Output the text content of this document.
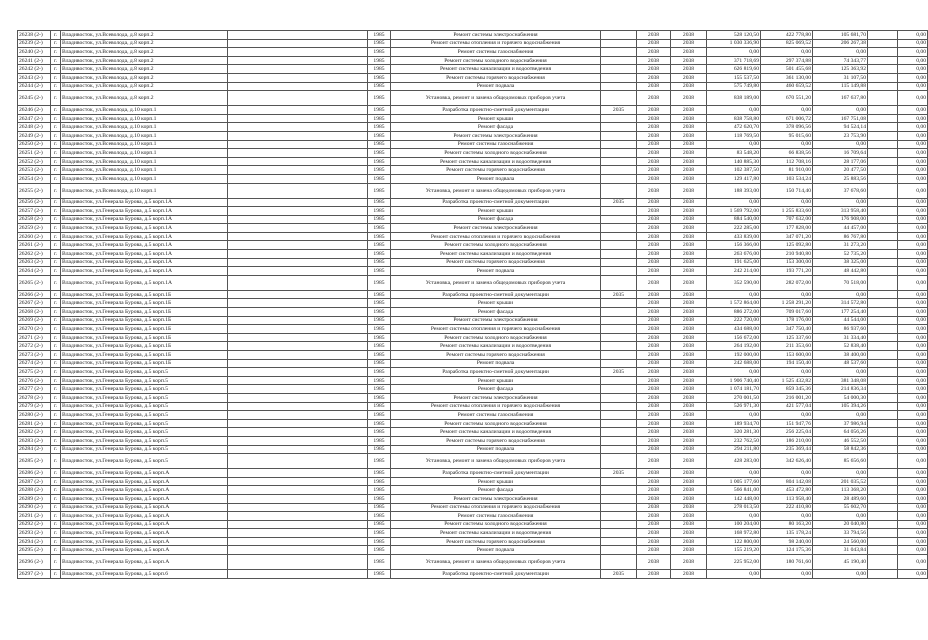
26238 (2-)	г.	Владивосток, ул.Всеволода, д.8 корп.2		1985	Ремонт системы электроснабжения		2038	2038	528 120,50	422 778,80	105 681,70		0,00
26239 (2-)	г.	Владивосток, ул.Всеволода, д.8 корп.2		1985	Ремонт системы отопления и горячего водоснабжения		2038	2038	1 030 336,90	825 069,52	206 267,38		0,00
26240 (2-)	г.	Владивосток, ул.Всеволода, д.8 корп.2		1985	Ремонт системы газоснабжения		2038	2038	0,00	0,00	0,00		0,00
26241 (2-)	г.	Владивосток, ул.Всеволода, д.8 корп.2		1985	Ремонт системы холодного водоснабжения		2038	2038	371 718,69	297 374,88	74 343,77		0,00
26242 (2-)	г.	Владивосток, ул.Всеволода, д.8 корп.2		1985	Ремонт системы канализации и водоотведения		2038	2038	626 819,60	501 455,68	125 363,92		0,00
26243 (2-)	г.	Владивосток, ул.Всеволода, д.8 корп.2		1985	Ремонт системы горячего водоснабжения		2038	2038	155 537,50	361 130,00	31 107,50		0,00
26244 (2-)	г.	Владивосток, ул.Всеволода, д.8 корп.2		1985	Ремонт подвала		2038	2038	575 749,80	460 659,52	115 149,88		0,00
26245 (2-)	г.	Владивосток, ул.Всеволода, д.8 корп.2		1985	Установка, ремонт и замена общедомовых приборов учета		2038	2038	838 189,00	670 551,20	167 637,80		0,00
26246 (2-)	г.	Владивосток, ул.Всеволода, д.10 корп.1		1985	Разработка проектно-сметной документации	2035	2038	2038	0,00	0,00	0,00		0,00
26247 (2-)	г.	Владивосток, ул.Всеволода, д.10 корп.1		1985	Ремонт крыши		2038	2038	838 758,80	671 006,72	167 751,08		0,00
26248 (2-)	г.	Владивосток, ул.Всеволода, д.10 корп.1		1985	Ремонт фасада		2038	2038	472 620,70	378 096,56	94 524,14		0,00
26249 (2-)	г.	Владивосток, ул.Всеволода, д.10 корп.1		1985	Ремонт системы электроснабжения		2038	2038	118 769,50	95 015,60	23 753,90		0,00
26250 (2-)	г.	Владивосток, ул.Всеволода, д.10 корп.1		1985	Ремонт системы газоснабжения		2038	2038	0,00	0,00	0,00		0,00
26251 (2-)	г.	Владивосток, ул.Всеволода, д.10 корп.1		1985	Ремонт системы холодного водоснабжения		2038	2038	83 548,20	66 838,56	16 709,64		0,00
26252 (2-)	г.	Владивосток, ул.Всеволода, д.10 корп.1		1985	Ремонт системы канализации и водоотведения		2038	2038	140 885,30	112 708,16	28 177,06		0,00
26253 (2-)	г.	Владивосток, ул.Всеволода, д.10 корп.1		1985	Ремонт системы горячего водоснабжения		2038	2038	102 387,50	81 910,00	20 477,50		0,00
26254 (2-)	г.	Владивосток, ул.Всеволода, д.10 корп.1		1985	Ремонт подвала		2038	2038	129 417,80	103 534,24	25 883,56		0,00
26255 (2-)	г.	Владивосток, ул.Всеволода, д.10 корп.1		1985	Установка, ремонт и замена общедомовых приборов учета		2038	2038	188 393,00	150 714,40	37 678,60		0,00
26256 (2-)	г.	Владивосток, ул.Генерала Бурова, д.5 корп.1А		1985	Разработка проектно-сметной документации	2035	2038	2038	0,00	0,00	0,00		0,00
26257 (2-)	г.	Владивосток, ул.Генерала Бурова, д.5 корп.1А		1985	Ремонт крыши		2038	2038	1 569 792,00	1 255 833,60	313 958,40		0,00
26258 (2-)	г.	Владивосток, ул.Генерала Бурова, д.5 корп.1А		1985	Ремонт фасада		2038	2038	884 540,00	707 632,00	176 908,00		0,00
26259 (2-)	г.	Владивосток, ул.Генерала Бурова, д.5 корп.1А		1985	Ремонт системы электроснабжения		2038	2038	222 285,00	177 828,00	44 457,00		0,00
26260 (2-)	г.	Владивосток, ул.Генерала Бурова, д.5 корп.1А		1985	Ремонт системы отопления и горячего водоснабжения		2038	2038	433 839,00	347 071,20	86 767,80		0,00
26261 (2-)	г.	Владивосток, ул.Генерала Бурова, д.5 корп.1А		1985	Ремонт системы холодного водоснабжения		2038	2038	156 366,00	125 092,80	31 273,20		0,00
26262 (2-)	г.	Владивосток, ул.Генерала Бурова, д.5 корп.1А		1985	Ремонт системы канализации и водоотведения		2038	2038	263 676,00	210 940,80	52 735,20		0,00
26263 (2-)	г.	Владивосток, ул.Генерала Бурова, д.5 корп.1А		1985	Ремонт системы горячего водоснабжения		2038	2038	191 625,00	153 300,00	38 325,00		0,00
26264 (2-)	г.	Владивосток, ул.Генерала Бурова, д.5 корп.1А		1985	Ремонт подвала		2038	2038	242 214,00	193 771,20	48 442,80		0,00
26265 (2-)	г.	Владивосток, ул.Генерала Бурова, д.5 корп.1А		1985	Установка, ремонт и замена общедомовых приборов учета		2038	2038	352 590,00	282 072,00	70 518,00		0,00
26266 (2-)	г.	Владивосток, ул.Генерала Бурова, д.5 корп.1Б		1985	Разработка проектно-сметной документации	2035	2038	2038	0,00	0,00	0,00		0,00
26267 (2-)	г.	Владивосток, ул.Генерала Бурова, д.5 корп.1Б		1985	Ремонт крыши		2038	2038	1 572 864,00	1 258 291,20	314 572,80		0,00
26268 (2-)	г.	Владивосток, ул.Генерала Бурова, д.5 корп.1Б		1985	Ремонт фасада		2038	2038	886 272,00	709 017,60	177 254,40		0,00
26269 (2-)	г.	Владивосток, ул.Генерала Бурова, д.5 корп.1Б		1985	Ремонт системы электроснабжения		2038	2038	222 720,00	178 176,00	44 544,00		0,00
26270 (2-)	г.	Владивосток, ул.Генерала Бурова, д.5 корп.1Б		1985	Ремонт системы отопления и горячего водоснабжения		2038	2038	434 688,00	347 750,40	86 937,60		0,00
26271 (2-)	г.	Владивосток, ул.Генерала Бурова, д.5 корп.1Б		1985	Ремонт системы холодного водоснабжения		2038	2038	156 672,00	125 337,60	31 334,40		0,00
26272 (2-)	г.	Владивосток, ул.Генерала Бурова, д.5 корп.1Б		1985	Ремонт системы канализации и водоотведения		2038	2038	264 192,00	211 353,60	52 838,40		0,00
26273 (2-)	г.	Владивосток, ул.Генерала Бурова, д.5 корп.1Б		1985	Ремонт системы горячего водоснабжения		2038	2038	192 000,00	153 600,00	38 400,00		0,00
26274 (2-)	г.	Владивосток, ул.Генерала Бурова, д.5 корп.1Б		1985	Ремонт подвала		2038	2038	242 688,00	194 150,40	48 537,60		0,00
26275 (2-)	г.	Владивосток, ул.Генерала Бурова, д.5 корп.5		1985	Разработка проектно-сметной документации	2035	2038	2038	0,00	0,00	0,00		0,00
26276 (2-)	г.	Владивосток, ул.Генерала Бурова, д.5 корп.5		1985	Ремонт крыши		2038	2038	1 906 740,40	1 525 432,82	381 348,08		0,00
26277 (2-)	г.	Владивосток, ул.Генерала Бурова, д.5 корп.5		1985	Ремонт фасада		2038	2038	1 074 181,70	859 345,36	214 836,34		0,00
26278 (2-)	г.	Владивосток, ул.Генерала Бурова, д.5 корп.5		1985	Ремонт системы электроснабжения		2038	2038	270 001,50	216 001,20	54 000,30		0,00
26279 (2-)	г.	Владивосток, ул.Генерала Бурова, д.5 корп.5		1985	Ремонт системы отопления и горячего водоснабжения		2038	2038	526 971,30	421 577,04	105 394,26		0,00
26280 (2-)	г.	Владивосток, ул.Генерала Бурова, д.5 корп.5		1985	Ремонт системы газоснабжения		2038	2038	0,00	0,00	0,00		0,00
26281 (2-)	г.	Владивосток, ул.Генерала Бурова, д.5 корп.5		1985	Ремонт системы холодного водоснабжения		2038	2038	189 934,70	151 947,76	37 986,94		0,00
26282 (2-)	г.	Владивосток, ул.Генерала Бурова, д.5 корп.5		1985	Ремонт системы канализации и водоотведения		2038	2038	320 281,30	256 225,04	64 056,26		0,00
26283 (2-)	г.	Владивосток, ул.Генерала Бурова, д.5 корп.5		1985	Ремонт системы горячего водоснабжения		2038	2038	232 762,50	186 210,00	46 552,50		0,00
26284 (2-)	г.	Владивосток, ул.Генерала Бурова, д.5 корп.5		1985	Ремонт подвала		2038	2038	294 211,80	235 369,44	58 842,36		0,00
26285 (2-)	г.	Владивосток, ул.Генерала Бурова, д.5 корп.5		1985	Установка, ремонт и замена общедомовых приборов учета		2038	2038	428 283,00	342 626,40	85 656,60		0,00
26286 (2-)	г.	Владивосток, ул.Генерала Бурова, д.5 корп.А		1985	Разработка проектно-сметной документации	2035	2038	2038	0,00	0,00	0,00		0,00
26287 (2-)	г.	Владивосток, ул.Генерала Бурова, д.5 корп.А		1985	Ремонт крыши		2038	2038	1 005 177,60	804 142,08	201 035,52		0,00
26288 (2-)	г.	Владивосток, ул.Генерала Бурова, д.5 корп.А		1985	Ремонт фасада		2038	2038	566 841,00	453 472,80	113 368,20		0,00
26289 (2-)	г.	Владивосток, ул.Генерала Бурова, д.5 корп.А		1985	Ремонт системы электроснабжения		2038	2038	142 448,00	113 958,40	28 489,60		0,00
26290 (2-)	г.	Владивосток, ул.Генерала Бурова, д.5 корп.А		1985	Ремонт системы отопления и горячего водоснабжения		2038	2038	278 013,50	222 410,80	55 602,70		0,00
26291 (2-)	г.	Владивосток, ул.Генерала Бурова, д.5 корп.А		1985	Ремонт системы газоснабжения		2038	2038	0,00	0,00	0,00		0,00
26292 (2-)	г.	Владивосток, ул.Генерала Бурова, д.5 корп.А		1985	Ремонт системы холодного водоснабжения		2038	2038	100 204,00	80 163,20	20 040,80		0,00
26293 (2-)	г.	Владивосток, ул.Генерала Бурова, д.5 корп.А		1985	Ремонт системы канализации и водоотведения		2038	2038	168 972,80	135 178,24	33 794,56		0,00
26294 (2-)	г.	Владивосток, ул.Генерала Бурова, д.5 корп.А		1985	Ремонт системы горячего водоснабжения		2038	2038	122 800,00	98 240,00	24 560,00		0,00
26295 (2-)	г.	Владивосток, ул.Генерала Бурова, д.5 корп.А		1985	Ремонт подвала		2038	2038	155 219,20	124 175,36	31 043,84		0,00
26296 (2-)	г.	Владивосток, ул.Генерала Бурова, д.5 корп.А		1985	Установка, ремонт и замена общедомовых приборов учета		2038	2038	225 952,00	180 761,60	45 190,40		0,00
26297 (2-)	г.	Владивосток, ул.Генерала Бурова, д.5 корп.6		1985	Разработка проектно-сметной документации	2035	2038	2038	0,00	0,00	0,00		0,00
